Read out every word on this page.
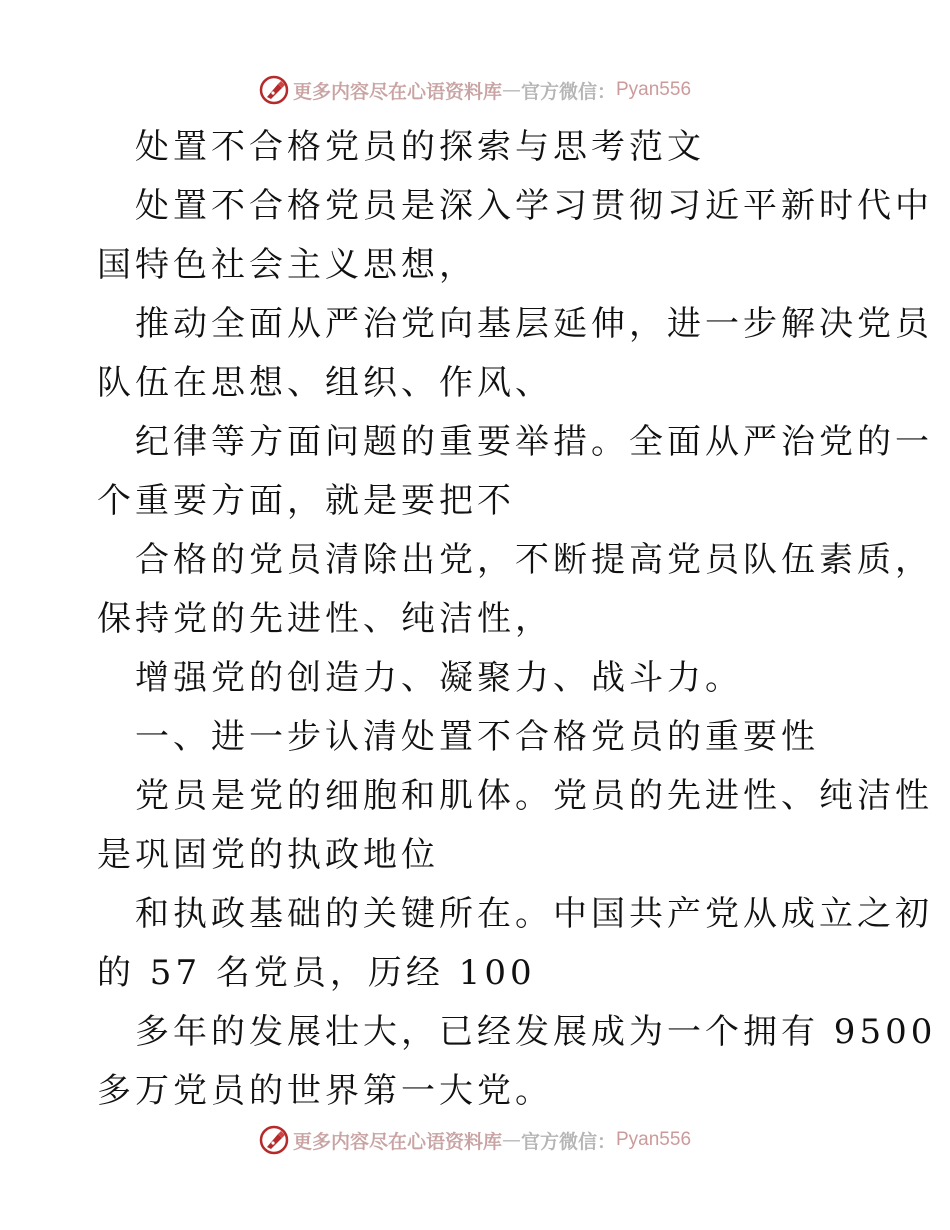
更多内容尽在心语资料库 — 官方微信： Pyan556
处置不合格党员的探索与思考范文
处置不合格党员是深入学习贯彻习近平新时代中
国特色社会主义思想，
推动全面从严治党向基层延伸，进一步解决党员
队伍在思想、组织、作风、
纪律等方面问题的重要举措。全面从严治党的一
个重要方面，就是要把不
合格的党员清除出党，不断提高党员队伍素质，
保持党的先进性、纯洁性，
增强党的创造力、凝聚力、战斗力。
一、进一步认清处置不合格党员的重要性
党员是党的细胞和肌体。党员的先进性、纯洁性
是巩固党的执政地位
和执政基础的关键所在。中国共产党从成立之初
的 57 名党员，历经 100
多年的发展壮大，已经发展成为一个拥有 9500
多万党员的世界第一大党。
更多内容尽在心语资料库 — 官方微信： Pyan556
